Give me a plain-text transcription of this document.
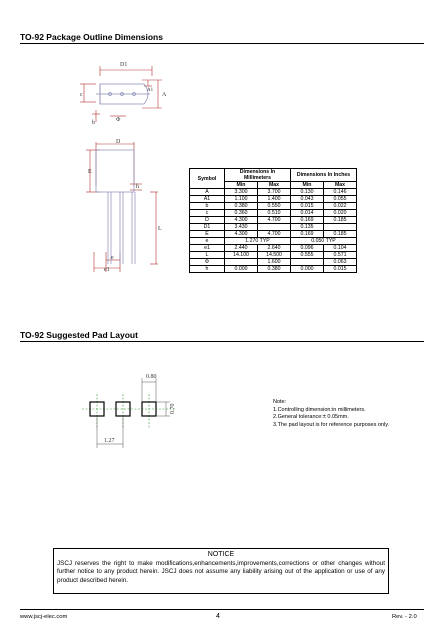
TO-92 Package Outline Dimensions
D1
c	A
A1
b	Φ
D
E
h
L
e
e1
Symbol	Dimensions In Millimeters		Dimensions In Inches	
	Min	Max	Min	Max
A	3.300	3.700	0.130	0.146
A1	1.100	1.400	0.043	0.055
b	0.380	0.550	0.015	0.022
c	0.360	0.510	0.014	0.020
D	4.300	4.700	0.169	0.185
D1	3.430		0.135	
E	4.300	4.700	0.169	0.185
e	1.270 TYP		0.050 TYP	
e1	2.440	2.640	0.096	0.104
L	14.100	14.500	0.555	0.571
Φ		1.600		0.063
h	0.000	0.380	0.000	0.015
TO-92 Suggested Pad Layout
0.80
0.70
1.27
Note:
1.Controlling dimension:in millimeters.
2.General tolerance:± 0.05mm.
3.The pad layout is for reference purposes only.
NOTICE
JSCJ reserves the right to make modifications,enhancements,improvements,corrections or other changes without further notice to any product herein. JSCJ does not assume any liability arising out of the application or use of any product described herein.
www.jscj-elec.com	4	Rev. - 2.0
